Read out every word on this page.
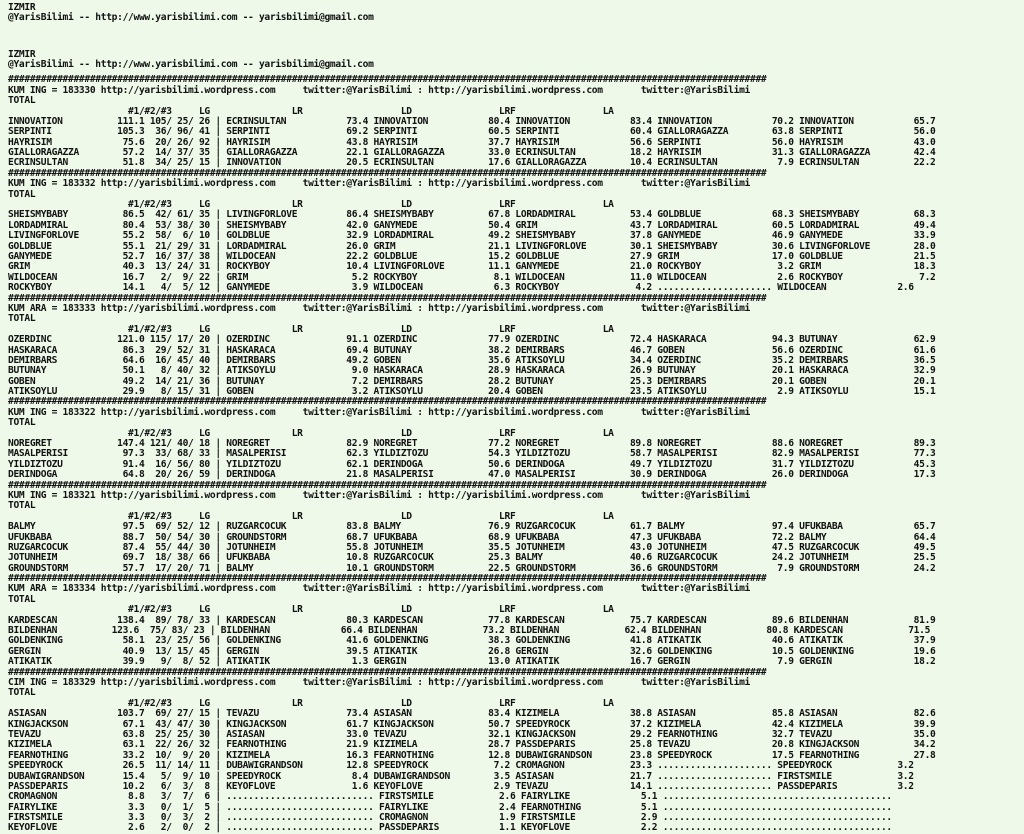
IZMIR
@YarisBilimi -- http://www.yarisbilimi.com -- yarisbilimi@gmail.com
IZMIR
@YarisBilimi -- http://www.yarisbilimi.com -- yarisbilimi@gmail.com
###########################################################################################################################################
KUM ING = 183330 http://yarisbilimi.wordpress.com     twitter:@YarisBilimi : http://yarisbilimi.wordpress.com       twitter:@YarisBilimi
TOTAL
#1/#2/#3     LG               LR                  LD                LRF                LA
INNOVATION          111.1 105/ 25/ 26 | ECRINSULTAN           73.4 INNOVATION           80.4 INNOVATION           83.4 INNOVATION           70.2 INNOVATION           65.7
SERPINTI            105.3  36/ 96/ 41 | SERPINTI              69.2 SERPINTI             60.5 SERPINTI             60.4 GIALLORAGAZZA        63.8 SERPINTI             56.0
HAYRISIM             75.6  20/ 26/ 92 | HAYRISIM              43.8 HAYRISIM             37.7 HAYRISIM             56.6 SERPINTI             56.0 HAYRISIM             43.0
GIALLORAGAZZA        57.2  14/ 37/ 35 | GIALLORAGAZZA         22.1 GIALLORAGAZZA        33.0 ECRINSULTAN          18.2 HAYRISIM             31.3 GIALLORAGAZZA        42.4
ECRINSULTAN          51.8  34/ 25/ 15 | INNOVATION            20.5 ECRINSULTAN          17.6 GIALLORAGAZZA        10.4 ECRINSULTAN           7.9 ECRINSULTAN          22.2
###########################################################################################################################################
KUM ING = 183332 http://yarisbilimi.wordpress.com     twitter:@YarisBilimi : http://yarisbilimi.wordpress.com       twitter:@YarisBilimi
TOTAL
#1/#2/#3     LG               LR                  LD                LRF                LA
SHEISMYBABY          86.5  42/ 61/ 35 | LIVINGFORLOVE         86.4 SHEISMYBABY          67.8 LORDADMIRAL          53.4 GOLDBLUE             68.3 SHEISMYBABY          68.3
LORDADMIRAL          80.4  53/ 38/ 30 | SHEISMYBABY           42.0 GANYMEDE             50.4 GRIM                 43.7 LORDADMIRAL          60.5 LORDADMIRAL          49.4
LIVINGFORLOVE        55.2  58/  6/ 10 | GOLDBLUE              32.9 LORDADMIRAL          49.2 SHEISMYBABY          37.8 GANYMEDE             46.9 GANYMEDE             33.9
GOLDBLUE             55.1  21/ 29/ 31 | LORDADMIRAL           26.0 GRIM                 21.1 LIVINGFORLOVE        30.1 SHEISMYBABY          30.6 LIVINGFORLOVE        28.0
GANYMEDE             52.7  16/ 37/ 38 | WILDOCEAN             22.2 GOLDBLUE             15.2 GOLDBLUE             27.9 GRIM                 17.0 GOLDBLUE             21.5
GRIM                 40.3  13/ 24/ 31 | ROCKYBOY              10.4 LIVINGFORLOVE        11.1 GANYMEDE             21.0 ROCKYBOY              3.2 GRIM                 18.3
WILDOCEAN            16.7   2/  9/ 22 | GRIM                   5.2 ROCKYBOY              8.1 WILDOCEAN            11.0 WILDOCEAN             2.6 ROCKYBOY              7.2
ROCKYBOY             14.1   4/  5/ 12 | GANYMEDE               3.9 WILDOCEAN             6.3 ROCKYBOY              4.2 ..................... WILDOCEAN             2.6
###########################################################################################################################################
KUM ARA = 183333 http://yarisbilimi.wordpress.com     twitter:@YarisBilimi : http://yarisbilimi.wordpress.com       twitter:@YarisBilimi
TOTAL
#1/#2/#3     LG               LR                  LD                LRF                LA
OZERDINC            121.0 115/ 17/ 20 | OZERDINC              91.1 OZERDINC             77.9 OZERDINC             72.4 HASKARACA            94.3 BUTUNAY              62.9
HASKARACA            86.3  29/ 52/ 31 | HASKARACA             69.4 BUTUNAY              38.2 DEMIRBARS            46.7 GOBEN                56.6 OZERDINC             61.6
DEMIRBARS            64.6  16/ 45/ 40 | DEMIRBARS             49.2 GOBEN                35.6 ATIKSOYLU            34.4 OZERDINC             35.2 DEMIRBARS            36.5
BUTUNAY              50.1   8/ 40/ 32 | ATIKSOYLU              9.0 HASKARACA            28.9 HASKARACA            26.9 BUTUNAY              20.1 HASKARACA            32.9
GOBEN                49.2  14/ 21/ 36 | BUTUNAY                7.2 DEMIRBARS            28.2 BUTUNAY              25.3 DEMIRBARS            20.1 GOBEN                20.1
ATIKSOYLU            29.9   8/ 15/ 31 | GOBEN                  3.2 ATIKSOYLU            20.4 GOBEN                23.5 ATIKSOYLU             2.9 ATIKSOYLU            15.1
###########################################################################################################################################
KUM ING = 183322 http://yarisbilimi.wordpress.com     twitter:@YarisBilimi : http://yarisbilimi.wordpress.com       twitter:@YarisBilimi
TOTAL
#1/#2/#3     LG               LR                  LD                LRF                LA
NOREGRET            147.4 121/ 40/ 18 | NOREGRET              82.9 NOREGRET             77.2 NOREGRET             89.8 NOREGRET             88.6 NOREGRET             89.3
MASALPERISI          97.3  33/ 68/ 33 | MASALPERISI           62.3 YILDIZTOZU           54.3 YILDIZTOZU           58.7 MASALPERISI          82.9 MASALPERISI          77.3
YILDIZTOZU           91.4  16/ 56/ 80 | YILDIZTOZU            62.1 DERINDOGA            50.6 DERINDOGA            49.7 YILDIZTOZU           31.7 YILDIZTOZU           45.3
DERINDOGA            64.8  20/ 26/ 59 | DERINDOGA             21.8 MASALPERISI          47.0 MASALPERISI          30.9 DERINDOGA            26.0 DERINDOGA            17.3
###########################################################################################################################################
KUM ING = 183321 http://yarisbilimi.wordpress.com     twitter:@YarisBilimi : http://yarisbilimi.wordpress.com       twitter:@YarisBilimi
TOTAL
#1/#2/#3     LG               LR                  LD                LRF                LA
BALMY                97.5  69/ 52/ 12 | RUZGARCOCUK           83.8 BALMY                76.9 RUZGARCOCUK          61.7 BALMY                97.4 UFUKBABA             65.7
UFUKBABA             88.7  50/ 54/ 30 | GROUNDSTORM           68.7 UFUKBABA             68.9 UFUKBABA             47.3 UFUKBABA             72.2 BALMY                64.4
RUZGARCOCUK          87.4  55/ 44/ 30 | JOTUNHEIM             55.8 JOTUNHEIM            35.5 JOTUNHEIM            43.0 JOTUNHEIM            47.5 RUZGARCOCUK          49.5
JOTUNHEIM            69.7  18/ 38/ 66 | UFUKBABA              10.8 RUZGARCOCUK          25.3 BALMY                40.6 RUZGARCOCUK          24.2 JOTUNHEIM            25.5
GROUNDSTORM          57.7  17/ 20/ 71 | BALMY                 10.1 GROUNDSTORM          22.5 GROUNDSTORM          36.6 GROUNDSTORM           7.9 GROUNDSTORM          24.2
###########################################################################################################################################
KUM ARA = 183334 http://yarisbilimi.wordpress.com     twitter:@YarisBilimi : http://yarisbilimi.wordpress.com       twitter:@YarisBilimi
TOTAL
#1/#2/#3     LG               LR                  LD                LRF                LA
KARDESCAN           138.4  89/ 78/ 33 | KARDESCAN             80.3 KARDESCAN            77.8 KARDESCAN            75.7 KARDESCAN            89.6 BILDENHAN            81.9
BILDENHAN          123.6  75/ 83/ 23 | BILDENHAN             66.4 BILDENHAN            73.2 BILDENHAN            62.4 BILDENHAN            80.8 KARDESCAN            71.5
GOLDENKING           58.1  23/ 25/ 56 | GOLDENKING            41.6 GOLDENKING           38.3 GOLDENKING           41.8 ATIKATIK             40.6 ATIKATIK             37.9
GERGIN               40.9  13/ 15/ 45 | GERGIN                39.5 ATIKATIK             26.8 GERGIN               32.6 GOLDENKING           10.5 GOLDENKING           19.6
ATIKATIK             39.9   9/  8/ 52 | ATIKATIK               1.3 GERGIN               13.0 ATIKATIK             16.7 GERGIN                7.9 GERGIN               18.2
###########################################################################################################################################
CIM ING = 183329 http://yarisbilimi.wordpress.com     twitter:@YarisBilimi : http://yarisbilimi.wordpress.com       twitter:@YarisBilimi
TOTAL
#1/#2/#3     LG               LR                  LD                LRF                LA
ASIASAN             103.7  69/ 27/ 15 | TEVAZU                73.4 ASIASAN              83.4 KIZIMELA             38.8 ASIASAN              85.8 ASIASAN              82.6
KINGJACKSON          67.1  43/ 47/ 30 | KINGJACKSON           61.7 KINGJACKSON          50.7 SPEEDYROCK           37.2 KIZIMELA             42.4 KIZIMELA             39.9
TEVAZU               63.8  25/ 25/ 30 | ASIASAN               33.0 TEVAZU               32.1 KINGJACKSON          29.2 FEARNOTHING          32.7 TEVAZU               35.0
KIZIMELA             63.1  22/ 26/ 32 | FEARNOTHING           21.9 KIZIMELA             28.7 PASSDEPARIS          25.8 TEVAZU               20.8 KINGJACKSON          34.2
FEARNOTHING          33.2  10/  9/ 20 | KIZIMELA              16.3 FEARNOTHING          12.8 DUBAWIGRANDSON       23.8 SPEEDYROCK           17.5 FEARNOTHING          27.8
SPEEDYROCK           26.5  11/ 14/ 11 | DUBAWIGRANDSON        12.8 SPEEDYROCK            7.2 CROMAGNON            23.3 ..................... SPEEDYROCK            3.2
DUBAWIGRANDSON       15.4   5/  9/ 10 | SPEEDYROCK             8.4 DUBAWIGRANDSON        3.5 ASIASAN              21.7 ..................... FIRSTSMILE            3.2
PASSDEPARIS          10.2   6/  3/  8 | KEYOFLOVE              1.6 KEYOFLOVE             2.9 TEVAZU               14.1 ..................... PASSDEPARIS           3.2
CROMAGNON             8.8   3/  7/  6 | ........................... FIRSTSMILE            2.6 FAIRYLIKE             5.1 ..........................................
FAIRYLIKE             3.3   0/  1/  5 | ........................... FAIRYLIKE             2.4 FEARNOTHING           5.1 ..........................................
FIRSTSMILE            3.3   0/  3/  2 | ........................... CROMAGNON             1.9 FIRSTSMILE            2.9 ..........................................
KEYOFLOVE             2.6   2/  0/  2 | ........................... PASSDEPARIS           1.1 KEYOFLOVE             2.2 ..........................................
